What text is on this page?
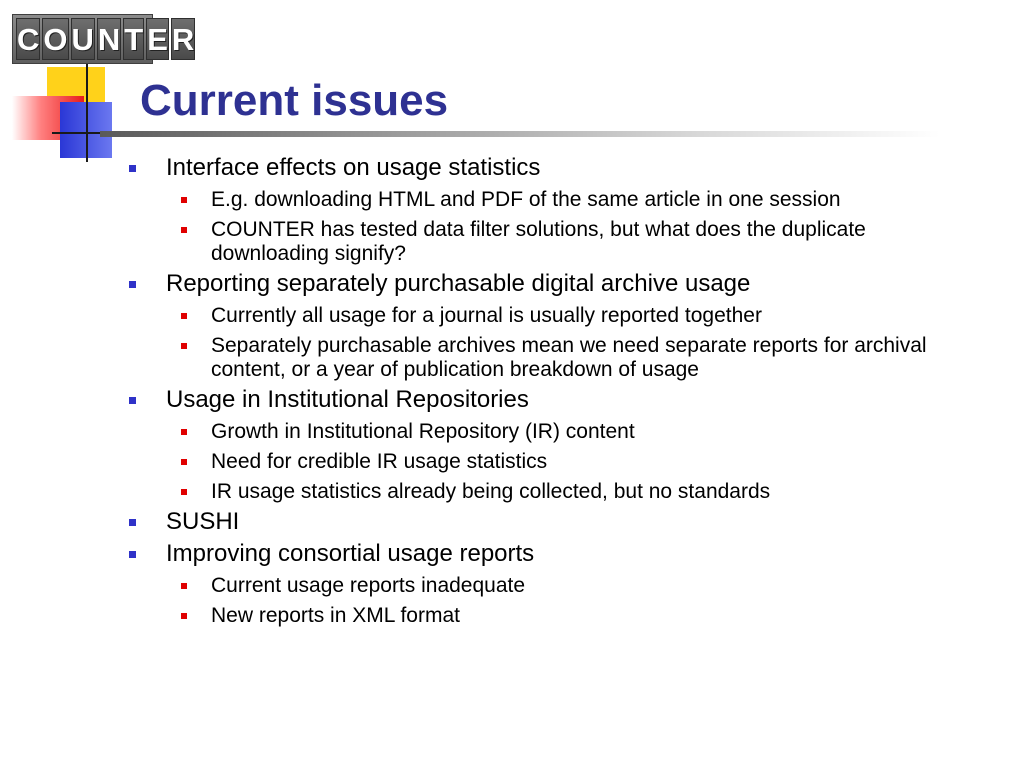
C O U N T E R
Current issues
Interface effects on usage statistics
E.g. downloading HTML and PDF of the same article in one session
COUNTER has tested data filter solutions, but what does the duplicate downloading signify?
Reporting separately purchasable digital archive usage
Currently all usage for a journal is usually reported together
Separately purchasable archives mean we need separate reports for archival content, or a year of publication breakdown of usage
Usage in Institutional Repositories
Growth in Institutional Repository (IR) content
Need for credible IR usage statistics
IR usage statistics already being collected, but no standards
SUSHI
Improving consortial usage reports
Current usage reports inadequate
New reports in XML format
